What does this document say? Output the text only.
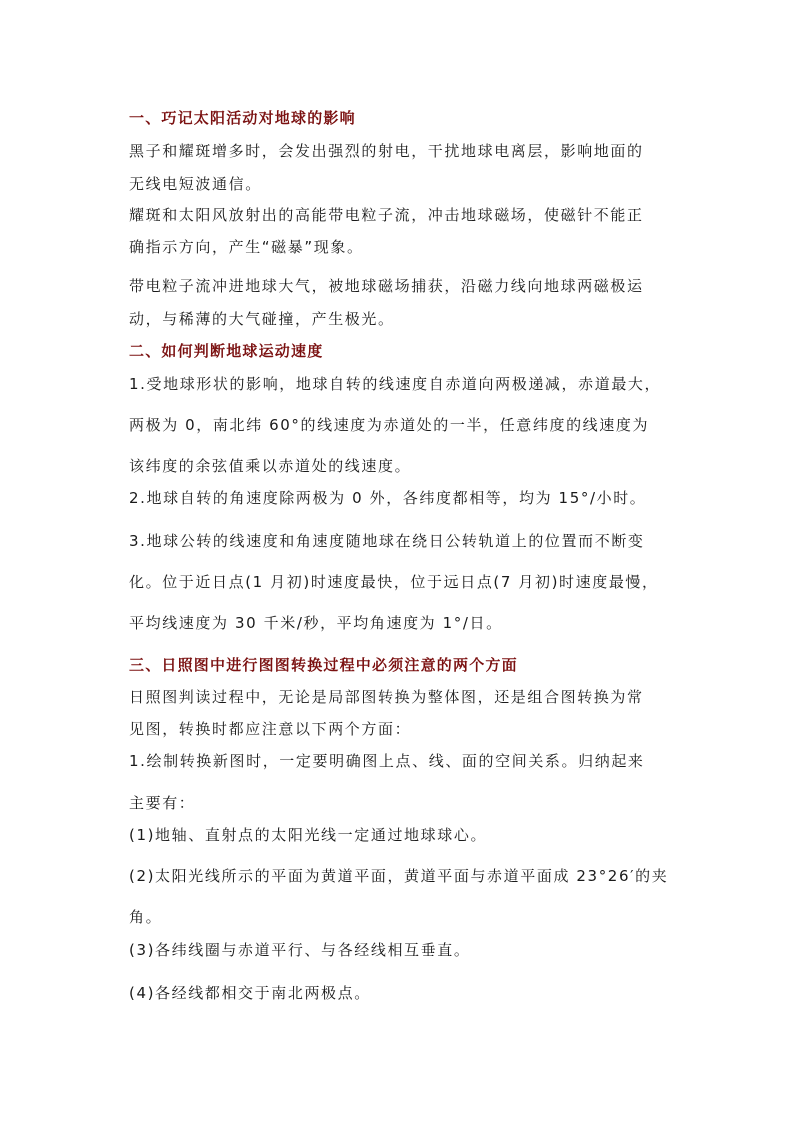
一、巧记太阳活动对地球的影响
黑子和耀斑增多时，会发出强烈的射电，干扰地球电离层，影响地面的
无线电短波通信。
耀斑和太阳风放射出的高能带电粒子流，冲击地球磁场，使磁针不能正
确指示方向，产生“磁暴”现象。
带电粒子流冲进地球大气，被地球磁场捕获，沿磁力线向地球两磁极运
动，与稀薄的大气碰撞，产生极光。
二、如何判断地球运动速度
1.受地球形状的影响，地球自转的线速度自赤道向两极递减，赤道最大，
两极为 0，南北纬 60°的线速度为赤道处的一半，任意纬度的线速度为
该纬度的余弦值乘以赤道处的线速度。
2.地球自转的角速度除两极为 0 外，各纬度都相等，均为 15°/小时。
3.地球公转的线速度和角速度随地球在绕日公转轨道上的位置而不断变
化。位于近日点(1 月初)时速度最快，位于远日点(7 月初)时速度最慢，
平均线速度为 30 千米/秒，平均角速度为 1°/日。
三、日照图中进行图图转换过程中必须注意的两个方面
日照图判读过程中，无论是局部图转换为整体图，还是组合图转换为常
见图，转换时都应注意以下两个方面：
1.绘制转换新图时，一定要明确图上点、线、面的空间关系。归纳起来
主要有：
(1)地轴、直射点的太阳光线一定通过地球球心。
(2)太阳光线所示的平面为黄道平面，黄道平面与赤道平面成 23°26′的夹
角。
(3)各纬线圈与赤道平行、与各经线相互垂直。
(4)各经线都相交于南北两极点。
